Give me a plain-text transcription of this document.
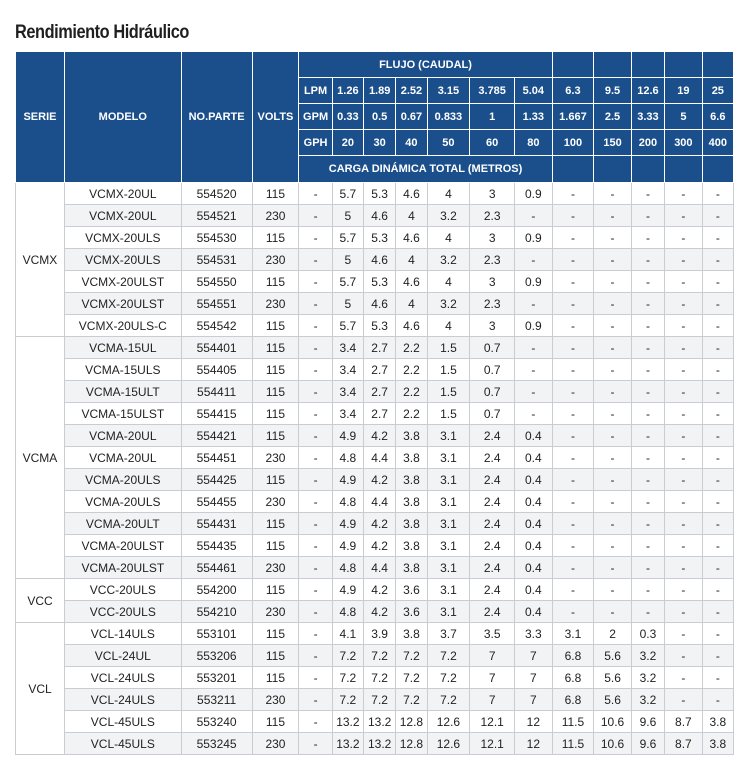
Rendimiento Hidráulico
SERIE	MODELO	NO.PARTE	VOLTS	FLUJO (CAUDAL)											
				LPM	1.26	1.89	2.52	3.15	3.785	5.04	6.3	9.5	12.6	19	25
				GPM	0.33	0.5	0.67	0.833	1	1.33	1.667	2.5	3.33	5	6.6
				GPH	20	30	40	50	60	80	100	150	200	300	400
				CARGA DINÁMICA TOTAL (METROS)											
VCMX	VCMX-20UL	554520	115	-	5.7	5.3	4.6	4	3	0.9	-	-	-	-	-
	VCMX-20UL	554521	230	-	5	4.6	4	3.2	2.3	-	-	-	-	-	-
	VCMX-20ULS	554530	115	-	5.7	5.3	4.6	4	3	0.9	-	-	-	-	-
	VCMX-20ULS	554531	230	-	5	4.6	4	3.2	2.3	-	-	-	-	-	-
	VCMX-20ULST	554550	115	-	5.7	5.3	4.6	4	3	0.9	-	-	-	-	-
	VCMX-20ULST	554551	230	-	5	4.6	4	3.2	2.3	-	-	-	-	-	-
	VCMX-20ULS-C	554542	115	-	5.7	5.3	4.6	4	3	0.9	-	-	-	-	-
VCMA	VCMA-15UL	554401	115	-	3.4	2.7	2.2	1.5	0.7	-	-	-	-	-	-
	VCMA-15ULS	554405	115	-	3.4	2.7	2.2	1.5	0.7	-	-	-	-	-	-
	VCMA-15ULT	554411	115	-	3.4	2.7	2.2	1.5	0.7	-	-	-	-	-	-
	VCMA-15ULST	554415	115	-	3.4	2.7	2.2	1.5	0.7	-	-	-	-	-	-
	VCMA-20UL	554421	115	-	4.9	4.2	3.8	3.1	2.4	0.4	-	-	-	-	-
	VCMA-20UL	554451	230	-	4.8	4.4	3.8	3.1	2.4	0.4	-	-	-	-	-
	VCMA-20ULS	554425	115	-	4.9	4.2	3.8	3.1	2.4	0.4	-	-	-	-	-
	VCMA-20ULS	554455	230	-	4.8	4.4	3.8	3.1	2.4	0.4	-	-	-	-	-
	VCMA-20ULT	554431	115	-	4.9	4.2	3.8	3.1	2.4	0.4	-	-	-	-	-
	VCMA-20ULST	554435	115	-	4.9	4.2	3.8	3.1	2.4	0.4	-	-	-	-	-
	VCMA-20ULST	554461	230	-	4.8	4.4	3.8	3.1	2.4	0.4	-	-	-	-	-
VCC	VCC-20ULS	554200	115	-	4.9	4.2	3.6	3.1	2.4	0.4	-	-	-	-	-
	VCC-20ULS	554210	230	-	4.8	4.2	3.6	3.1	2.4	0.4	-	-	-	-	-
VCL	VCL-14ULS	553101	115	-	4.1	3.9	3.8	3.7	3.5	3.3	3.1	2	0.3	-	-
	VCL-24UL	553206	115	-	7.2	7.2	7.2	7.2	7	7	6.8	5.6	3.2	-	-
	VCL-24ULS	553201	115	-	7.2	7.2	7.2	7.2	7	7	6.8	5.6	3.2	-	-
	VCL-24ULS	553211	230	-	7.2	7.2	7.2	7.2	7	7	6.8	5.6	3.2	-	-
	VCL-45ULS	553240	115	-	13.2	13.2	12.8	12.6	12.1	12	11.5	10.6	9.6	8.7	3.8
	VCL-45ULS	553245	230	-	13.2	13.2	12.8	12.6	12.1	12	11.5	10.6	9.6	8.7	3.8
